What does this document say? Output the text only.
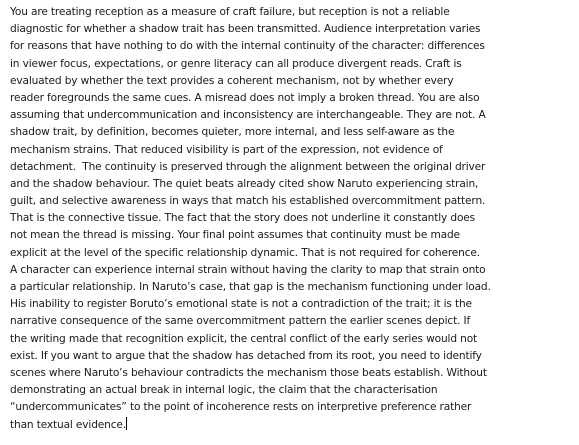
You are treating reception as a measure of craft failure, but reception is not a reliable
diagnostic for whether a shadow trait has been transmitted. Audience interpretation varies
for reasons that have nothing to do with the internal continuity of the character: differences
in viewer focus, expectations, or genre literacy can all produce divergent reads. Craft is
evaluated by whether the text provides a coherent mechanism, not by whether every
reader foregrounds the same cues. A misread does not imply a broken thread. You are also
assuming that undercommunication and inconsistency are interchangeable. They are not. A
shadow trait, by definition, becomes quieter, more internal, and less self-aware as the
mechanism strains. That reduced visibility is part of the expression, not evidence of
detachment.  The continuity is preserved through the alignment between the original driver
and the shadow behaviour. The quiet beats already cited show Naruto experiencing strain,
guilt, and selective awareness in ways that match his established overcommitment pattern.
That is the connective tissue. The fact that the story does not underline it constantly does
not mean the thread is missing. Your final point assumes that continuity must be made
explicit at the level of the specific relationship dynamic. That is not required for coherence.
A character can experience internal strain without having the clarity to map that strain onto
a particular relationship. In Naruto’s case, that gap is the mechanism functioning under load.
His inability to register Boruto’s emotional state is not a contradiction of the trait; it is the
narrative consequence of the same overcommitment pattern the earlier scenes depict. If
the writing made that recognition explicit, the central conflict of the early series would not
exist. If you want to argue that the shadow has detached from its root, you need to identify
scenes where Naruto’s behaviour contradicts the mechanism those beats establish. Without
demonstrating an actual break in internal logic, the claim that the characterisation
“undercommunicates” to the point of incoherence rests on interpretive preference rather
than textual evidence.
